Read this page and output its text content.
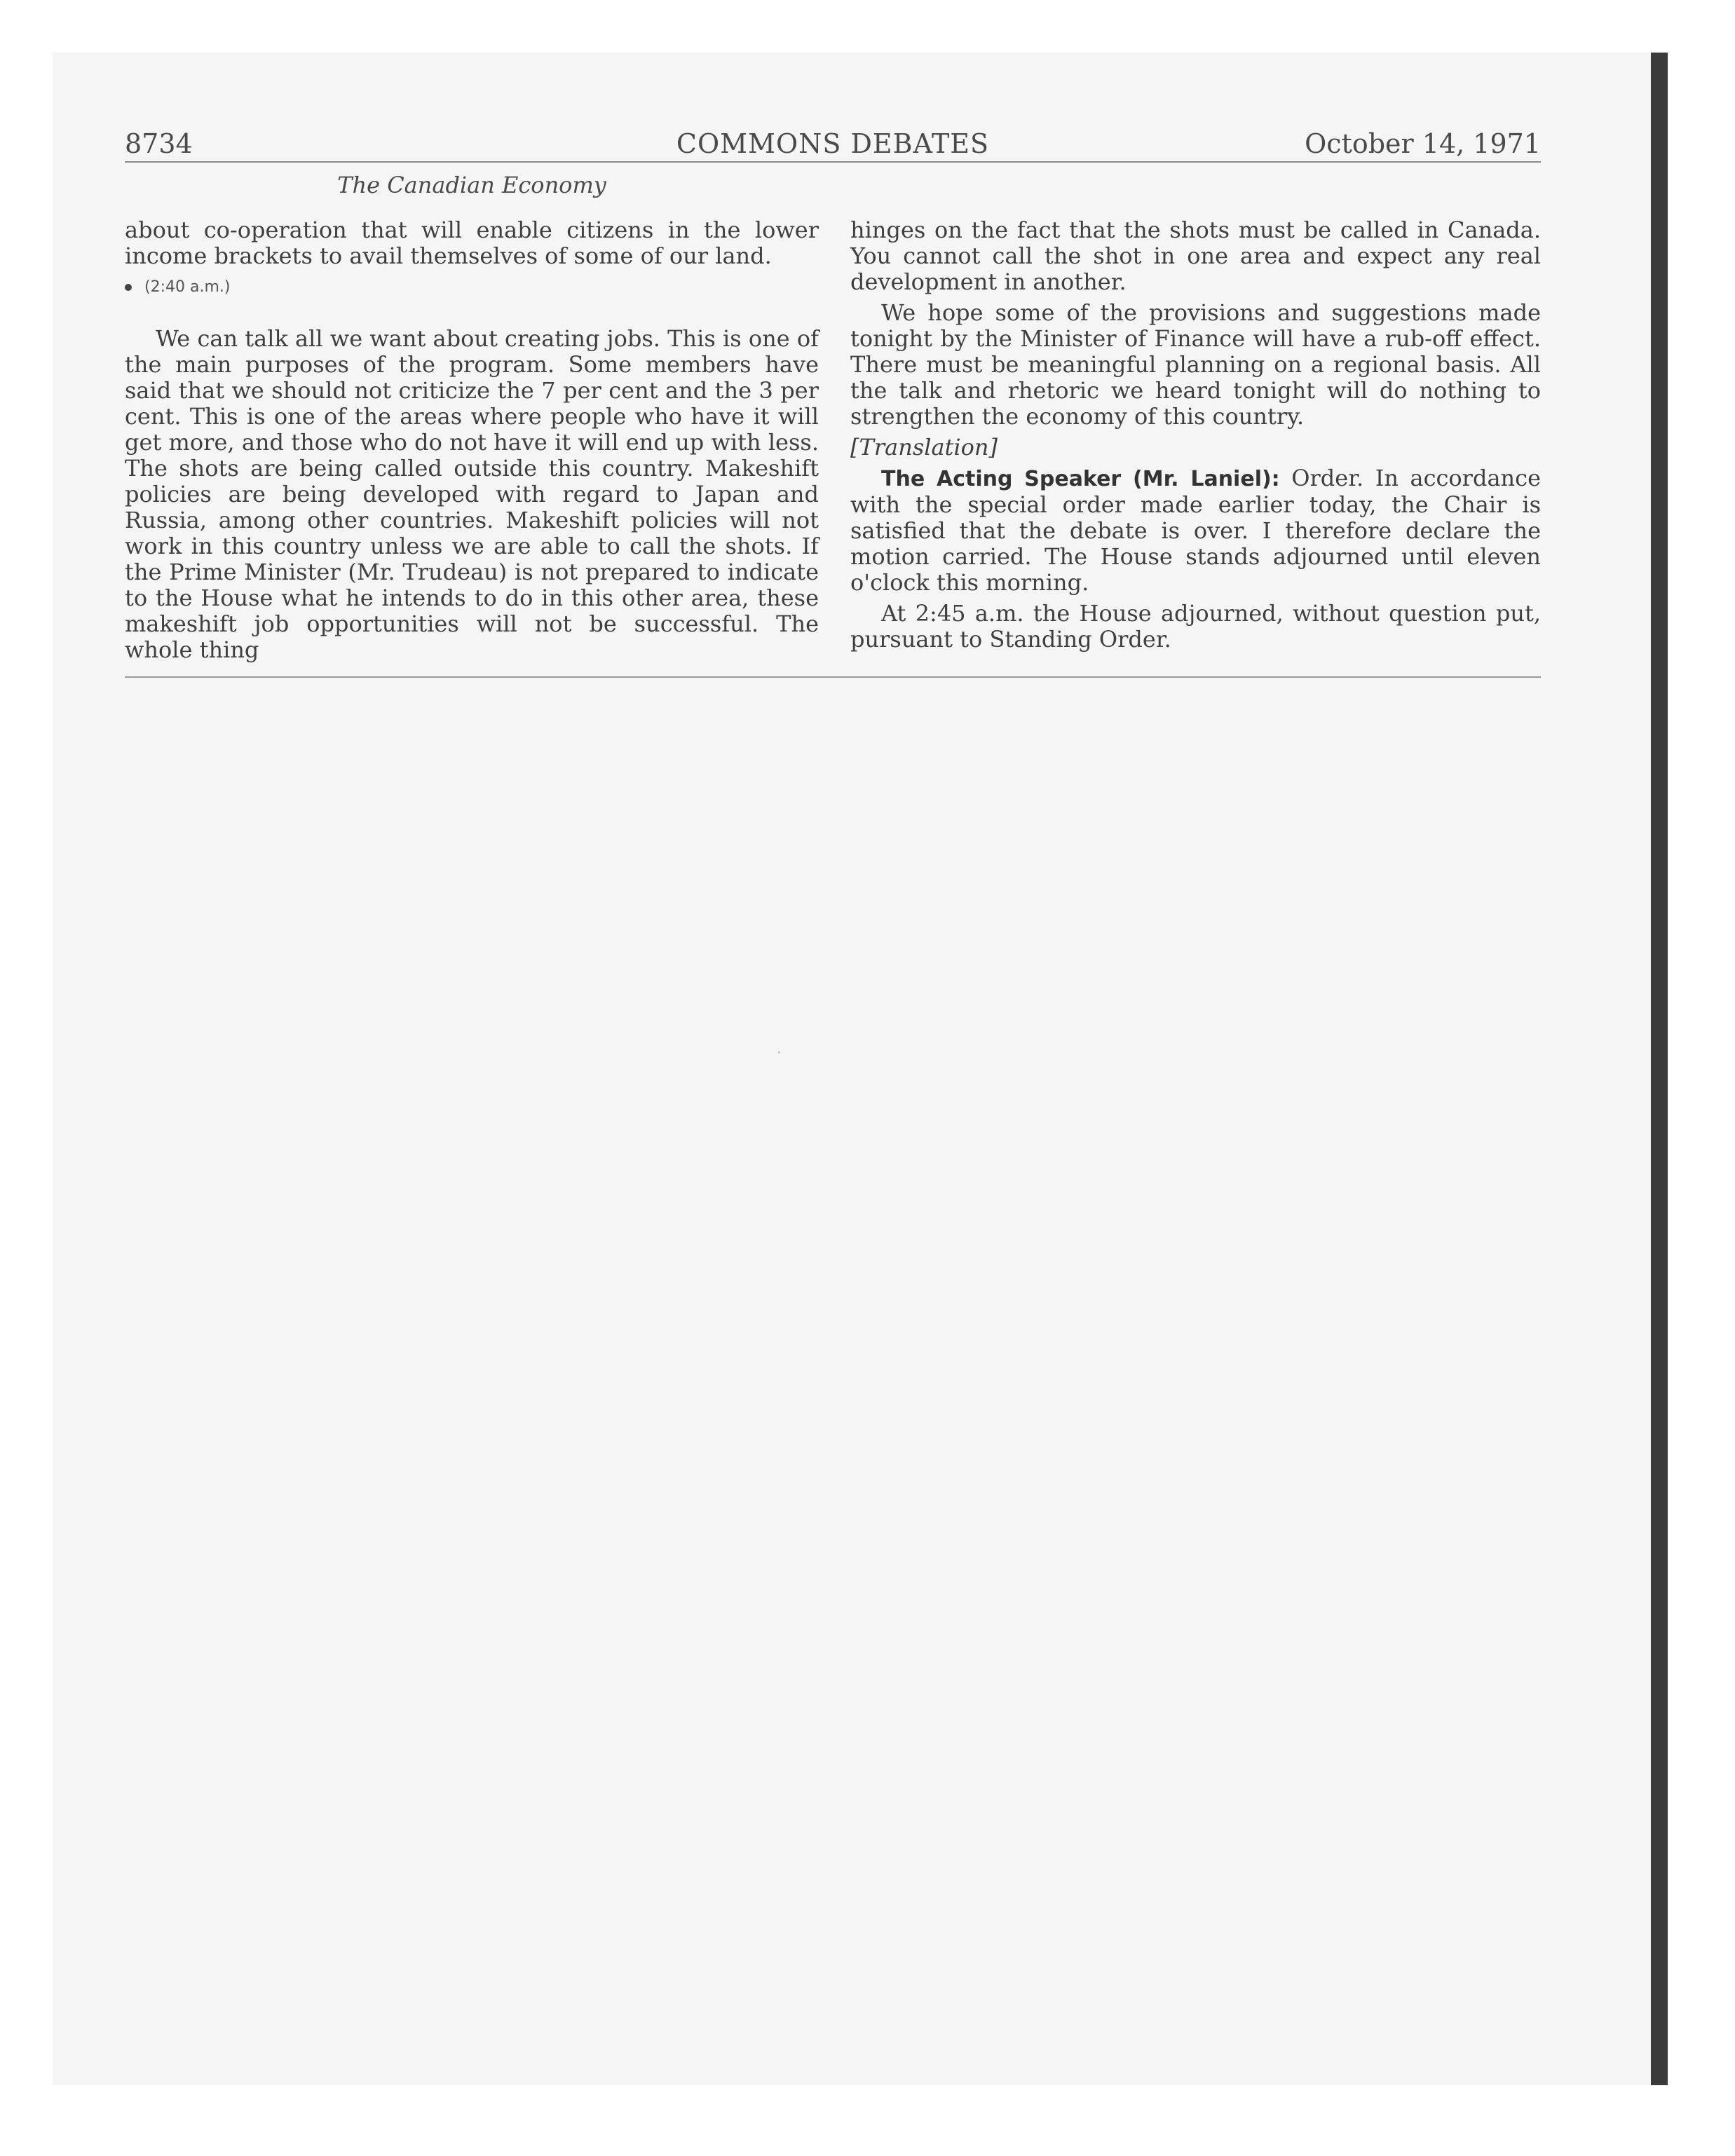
8734	COMMONS DEBATES	October 14, 1971
The Canadian Economy

about co-operation that will enable citizens in the lower income brackets to avail themselves of some of our land.

(2:40 a.m.)

We can talk all we want about creating jobs. This is one of the main purposes of the program. Some members have said that we should not criticize the 7 per cent and the 3 per cent. This is one of the areas where people who have it will get more, and those who do not have it will end up with less. The shots are being called outside this country. Makeshift policies are being developed with regard to Japan and Russia, among other countries. Makeshift policies will not work in this country unless we are able to call the shots. If the Prime Minister (Mr. Trudeau) is not prepared to indicate to the House what he intends to do in this other area, these makeshift job opportunities will not be successful. The whole thing

hinges on the fact that the shots must be called in Canada. You cannot call the shot in one area and expect any real development in another.

We hope some of the provisions and suggestions made tonight by the Minister of Finance will have a rub-off effect. There must be meaningful planning on a regional basis. All the talk and rhetoric we heard tonight will do nothing to strengthen the economy of this country.

[Translation]

The Acting Speaker (Mr. Laniel): Order. In accordance with the special order made earlier today, the Chair is satisfied that the debate is over. I therefore declare the motion carried. The House stands adjourned until eleven o'clock this morning.

At 2:45 a.m. the House adjourned, without question put, pursuant to Standing Order.
